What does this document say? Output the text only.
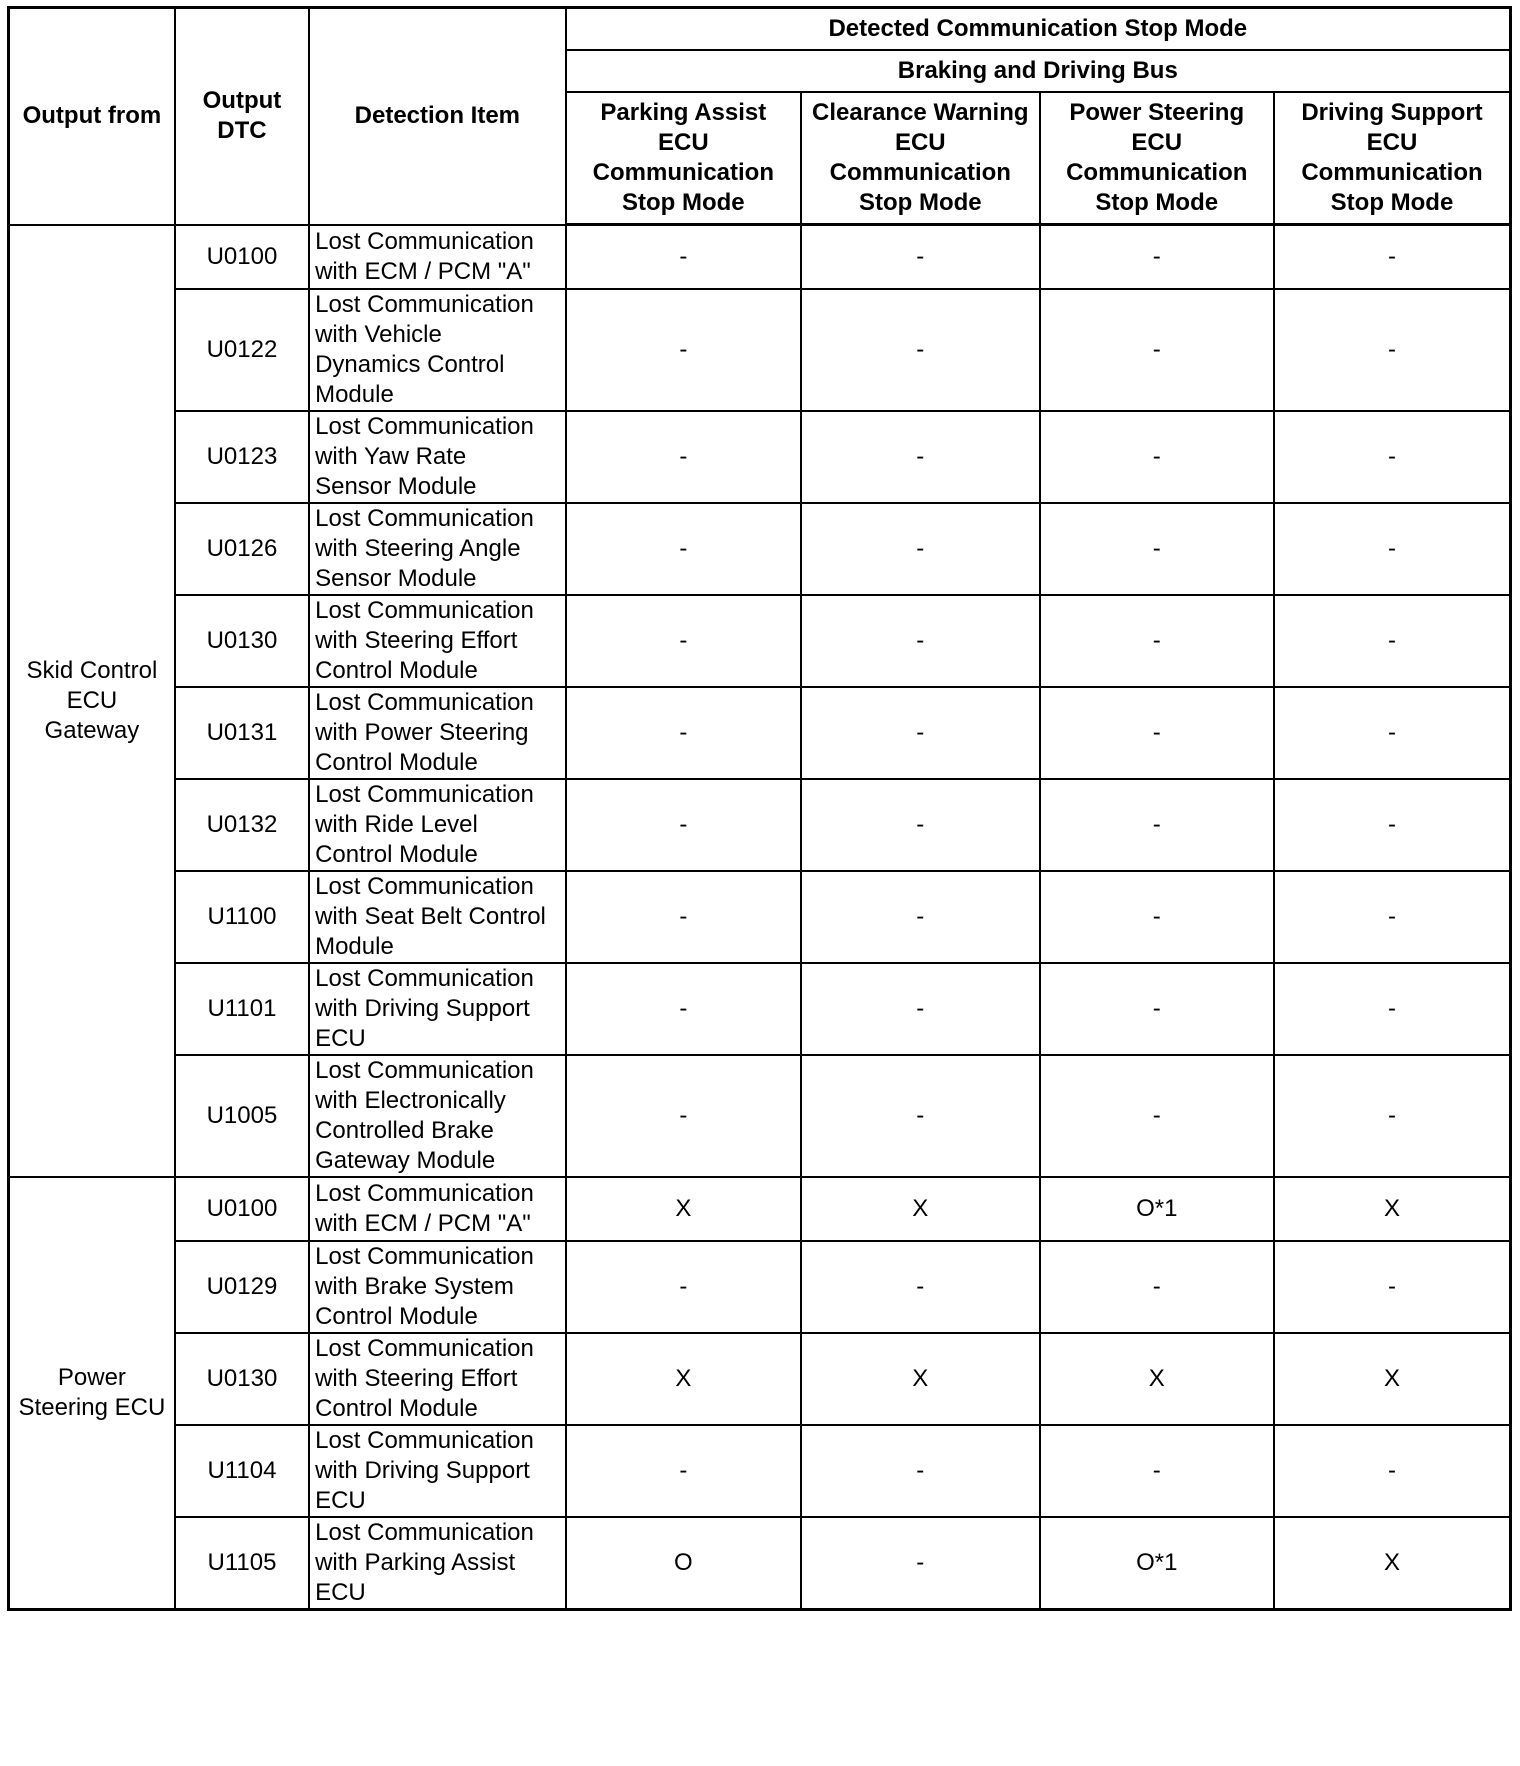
Output from	Output
DTC	Detection Item	Detected Communication Stop Mode			
			Braking and Driving Bus			
			Parking Assist
ECU
Communication
Stop Mode	Clearance Warning
ECU
Communication
Stop Mode	Power Steering
ECU
Communication
Stop Mode	Driving Support
ECU
Communication
Stop Mode
Skid Control
ECU
Gateway	U0100	Lost Communication
with ECM / PCM "A"	-	-	-	-
	U0122	Lost Communication
with Vehicle
Dynamics Control
Module	-	-	-	-
	U0123	Lost Communication
with Yaw Rate
Sensor Module	-	-	-	-
	U0126	Lost Communication
with Steering Angle
Sensor Module	-	-	-	-
	U0130	Lost Communication
with Steering Effort
Control Module	-	-	-	-
	U0131	Lost Communication
with Power Steering
Control Module	-	-	-	-
	U0132	Lost Communication
with Ride Level
Control Module	-	-	-	-
	U1100	Lost Communication
with Seat Belt Control
Module	-	-	-	-
	U1101	Lost Communication
with Driving Support
ECU	-	-	-	-
	U1005	Lost Communication
with Electronically
Controlled Brake
Gateway Module	-	-	-	-
Power
Steering ECU	U0100	Lost Communication
with ECM / PCM "A"	X	X	O*1	X
	U0129	Lost Communication
with Brake System
Control Module	-	-	-	-
	U0130	Lost Communication
with Steering Effort
Control Module	X	X	X	X
	U1104	Lost Communication
with Driving Support
ECU	-	-	-	-
	U1105	Lost Communication
with Parking Assist
ECU	O	-	O*1	X
